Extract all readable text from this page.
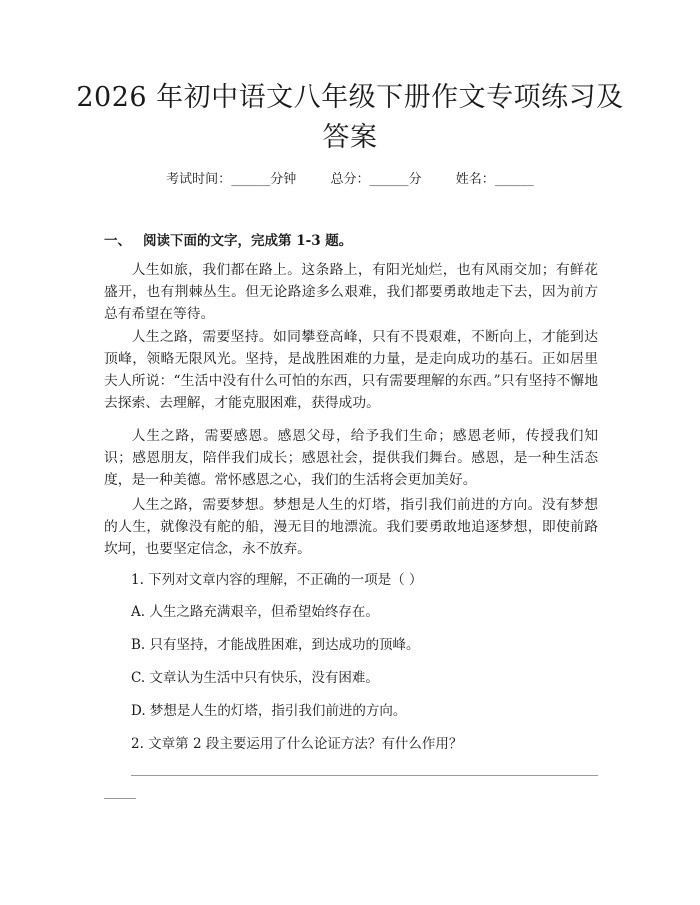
2026 年初中语文八年级下册作文专项练习及
答案
考试时间：______分钟	总分：______分	姓名：______
一、 阅读下面的文字，完成第 1-3 题。
人生如旅，我们都在路上。这条路上，有阳光灿烂，也有风雨交加；有鲜花盛开，也有荆棘丛生。但无论路途多么艰难，我们都要勇敢地走下去，因为前方总有希望在等待。
人生之路，需要坚持。如同攀登高峰，只有不畏艰难，不断向上，才能到达顶峰，领略无限风光。坚持，是战胜困难的力量，是走向成功的基石。正如居里夫人所说：“生活中没有什么可怕的东西，只有需要理解的东西。”只有坚持不懈地去探索、去理解，才能克服困难，获得成功。
人生之路，需要感恩。感恩父母，给予我们生命；感恩老师，传授我们知识；感恩朋友，陪伴我们成长；感恩社会，提供我们舞台。感恩，是一种生活态度，是一种美德。常怀感恩之心，我们的生活将会更加美好。
人生之路，需要梦想。梦想是人生的灯塔，指引我们前进的方向。没有梦想的人生，就像没有舵的船，漫无目的地漂流。我们要勇敢地追逐梦想，即使前路坎坷，也要坚定信念，永不放弃。
1. 下列对文章内容的理解，不正确的一项是（ ）
A. 人生之路充满艰辛，但希望始终存在。
B. 只有坚持，才能战胜困难，到达成功的顶峰。
C. 文章认为生活中只有快乐，没有困难。
D. 梦想是人生的灯塔，指引我们前进的方向。
2. 文章第 2 段主要运用了什么论证方法？有什么作用？
